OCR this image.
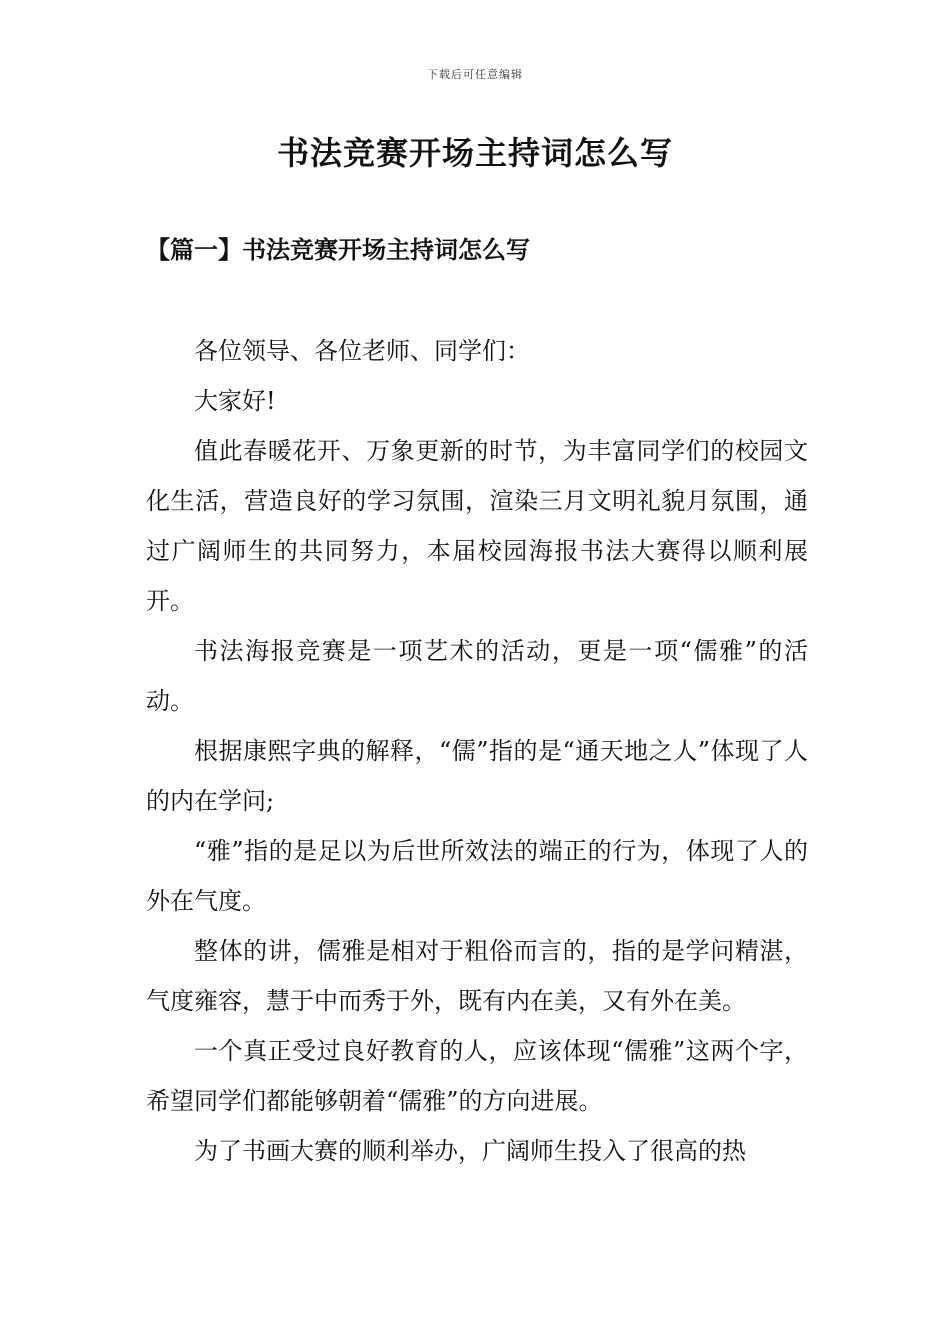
下载后可任意编辑
书法竞赛开场主持词怎么写
【篇一】书法竞赛开场主持词怎么写

各位领导、各位老师、同学们：

大家好!

值此春暖花开、万象更新的时节，为丰富同学们的校园文化生活，营造良好的学习氛围，渲染三月文明礼貌月氛围，通过广阔师生的共同努力，本届校园海报书法大赛得以顺利展开。

书法海报竞赛是一项艺术的活动，更是一项“儒雅”的活动。

根据康熙字典的解释，“儒”指的是“通天地之人”体现了人的内在学问;

“雅”指的是足以为后世所效法的端正的行为，体现了人的外在气度。

整体的讲，儒雅是相对于粗俗而言的，指的是学问精湛，气度雍容，慧于中而秀于外，既有内在美，又有外在美。

一个真正受过良好教育的人，应该体现“儒雅”这两个字，希望同学们都能够朝着“儒雅”的方向进展。

为了书画大赛的顺利举办，广阔师生投入了很高的热
